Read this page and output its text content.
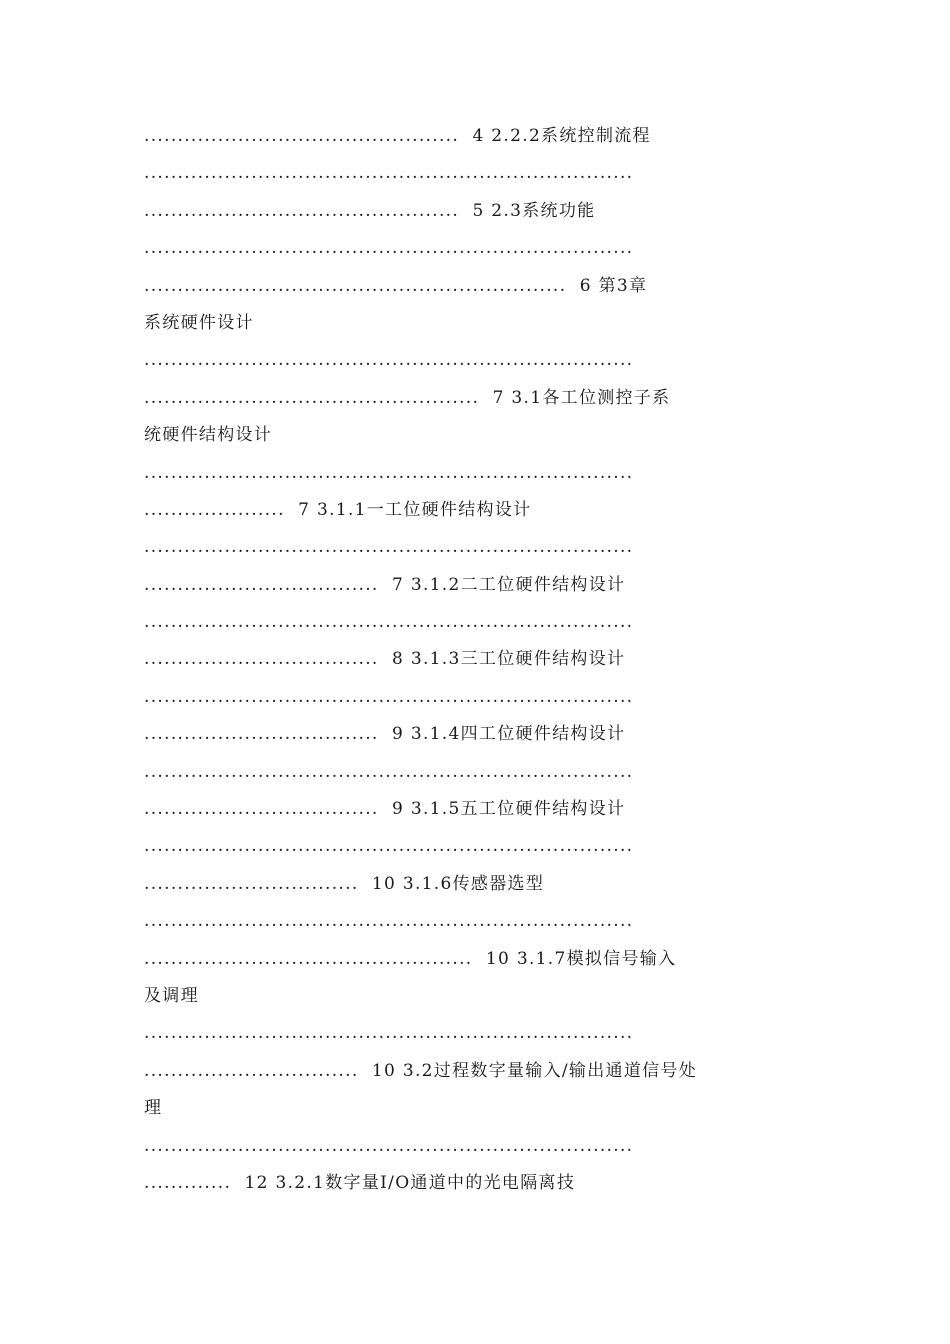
...............................................  4 2.2.2系统控制流程
.........................................................................
...............................................  5 2.3系统功能
.........................................................................
...............................................................  6 第3章
系统硬件设计
.........................................................................
..................................................  7 3.1各工位测控子系
统硬件结构设计
.........................................................................
.....................  7 3.1.1一工位硬件结构设计
.........................................................................
...................................  7 3.1.2二工位硬件结构设计
.........................................................................
...................................  8 3.1.3三工位硬件结构设计
.........................................................................
...................................  9 3.1.4四工位硬件结构设计
.........................................................................
...................................  9 3.1.5五工位硬件结构设计
.........................................................................
................................  10 3.1.6传感器选型
.........................................................................
.................................................  10 3.1.7模拟信号输入
及调理
.........................................................................
................................  10 3.2过程数字量输入/输出通道信号处
理
.........................................................................
.............  12 3.2.1数字量I/O通道中的光电隔离技
